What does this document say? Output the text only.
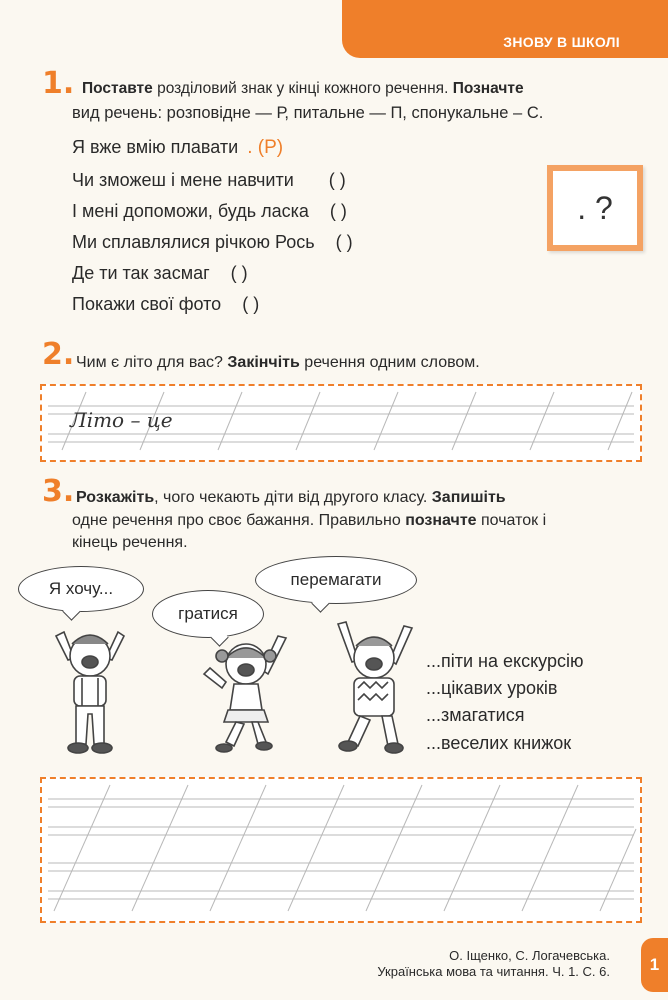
ЗНОВУ В ШКОЛІ
1. Поставте розділовий знак у кінці кожного речення. Позначте
вид речень: розповідне — Р, питальне — П, спонукальне – С.
Я вже вмію плавати . (Р)
Чи зможеш і мене навчити ( )
І мені допоможи, будь ласка ( )
Ми сплавлялися річкою Рось ( )
Де ти так засмаг ( )
Покажи свої фото ( )
. ?
2. Чим є літо для вас? Закінчіть речення одним словом.
Літо – це
3. Розкажіть, чого чекають діти від другого класу. Запишіть
одне речення про своє бажання. Правильно позначте початок і
кінець речення.
Я хочу...
гратися
перемагати
...піти на екскурсію
...цікавих уроків
...змагатися
...веселих книжок
О. Іщенко, С. Логачевська.
Українська мова та читання. Ч. 1. С. 6.	1
